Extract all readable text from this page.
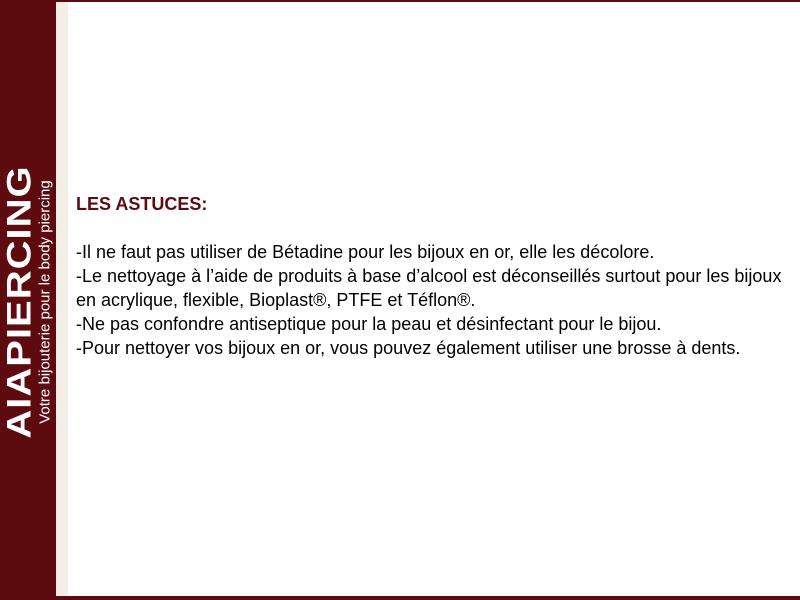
AIAPIERCING
Votre bijouterie pour le body piercing LES ASTUCES:

-Il ne faut pas utiliser de Bétadine pour les bijoux en or, elle les décolore.

-Le nettoyage à l’aide de produits à base d’alcool est déconseillés surtout pour les bijoux en acrylique, flexible, Bioplast®, PTFE et Téflon®.

-Ne pas confondre antiseptique pour la peau et désinfectant pour le bijou.

-Pour nettoyer vos bijoux en or, vous pouvez également utiliser une brosse à dents.
